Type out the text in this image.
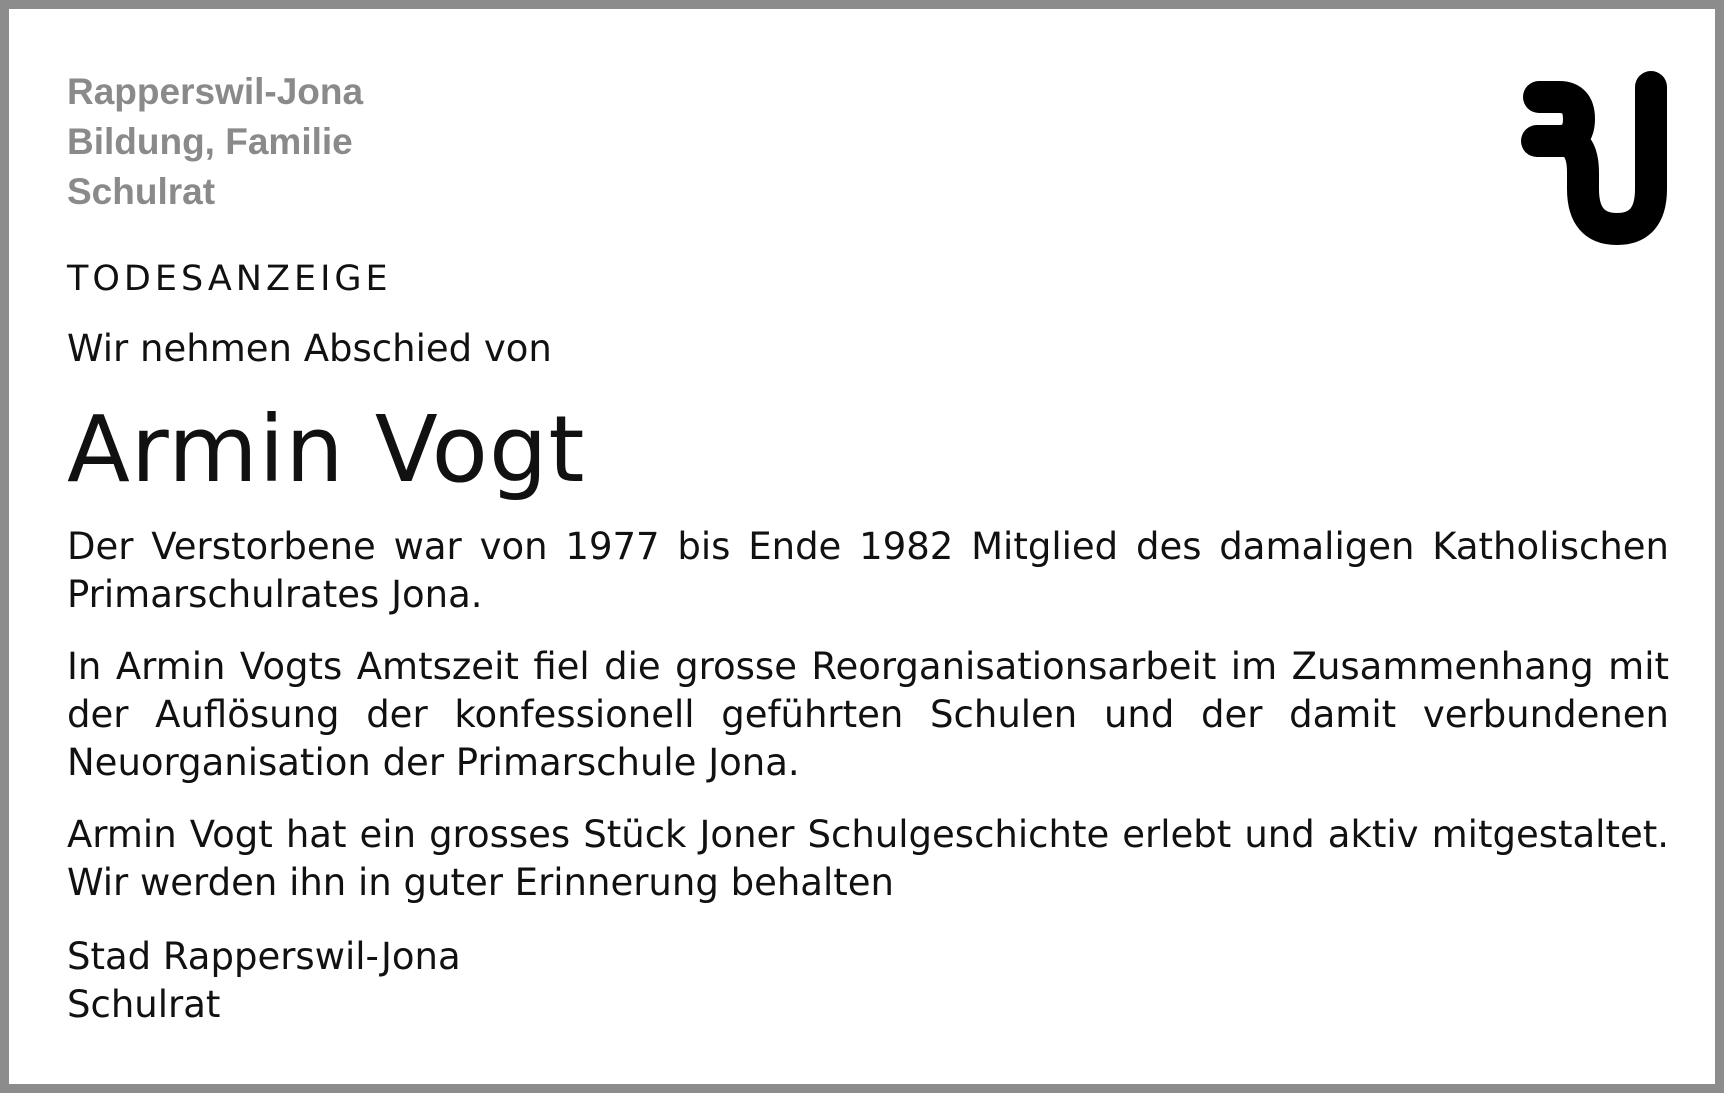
Rapperswil-Jona
Bildung, Familie
Schulrat
TODESANZEIGE
Wir nehmen Abschied von
Armin Vogt
Der Verstorbene war von 1977 bis Ende 1982 Mitglied des damaligen Katholischen Primarschulrates Jona.
In Armin Vogts Amtszeit fiel die grosse Reorganisationsarbeit im Zusammenhang mit der Auflösung der konfessionell geführten Schulen und der damit verbundenen Neuorganisation der Primarschule Jona.
Armin Vogt hat ein grosses Stück Joner Schulgeschichte erlebt und aktiv mitgestaltet. Wir werden ihn in guter Erinnerung behalten
Stad Rapperswil-Jona
Schulrat
